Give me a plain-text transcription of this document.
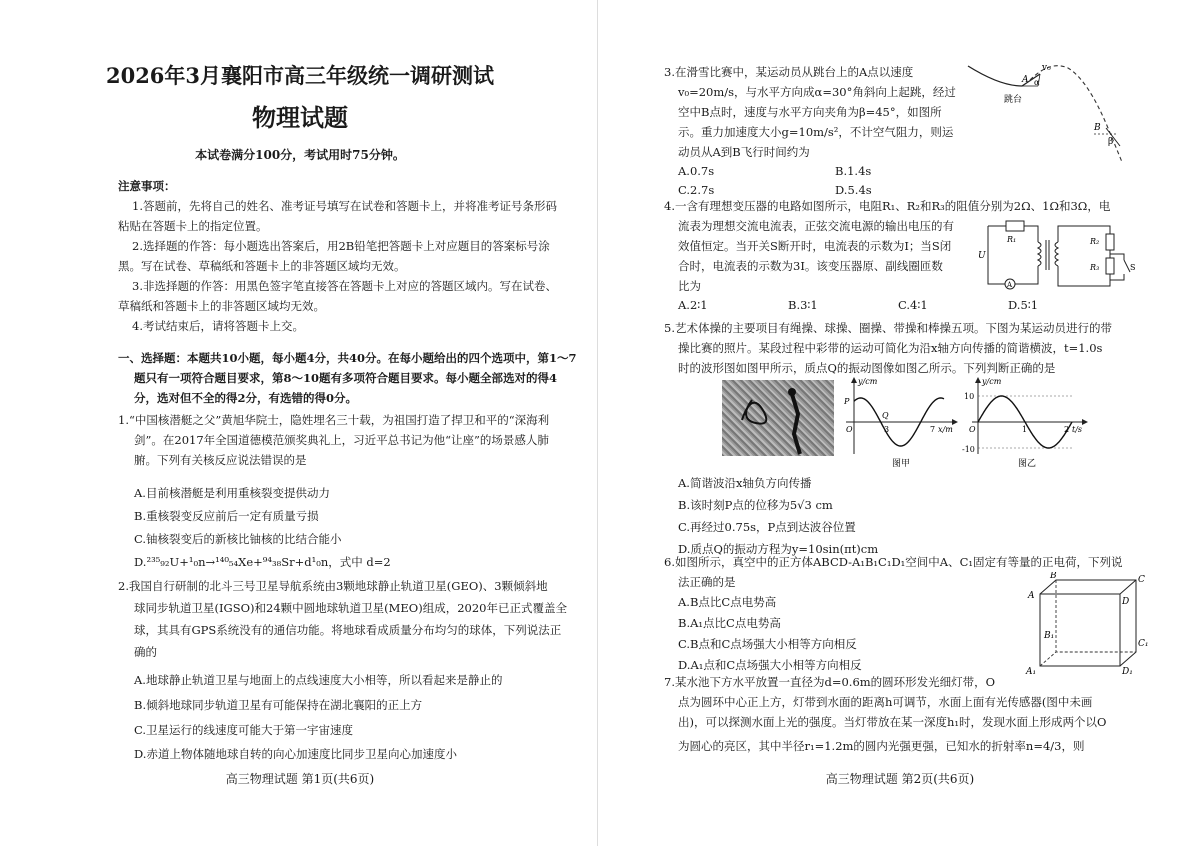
2026年3月襄阳市高三年级统一调研测试
物理试题
本试卷满分100分，考试用时75分钟。
注意事项：
1.答题前，先将自己的姓名、准考证号填写在试卷和答题卡上，并将准考证号条形码
粘贴在答题卡上的指定位置。
2.选择题的作答：每小题选出答案后，用2B铅笔把答题卡上对应题目的答案标号涂
黑。写在试卷、草稿纸和答题卡上的非答题区域均无效。
3.非选择题的作答：用黑色签字笔直接答在答题卡上对应的答题区域内。写在试卷、
草稿纸和答题卡上的非答题区域均无效。
4.考试结束后，请将答题卡上交。
一、选择题：本题共10小题，每小题4分，共40分。在每小题给出的四个选项中，第1～7
题只有一项符合题目要求，第8～10题有多项符合题目要求。每小题全部选对的得4
分，选对但不全的得2分，有选错的得0分。
1.“中国核潜艇之父”黄旭华院士，隐姓埋名三十载，为祖国打造了捍卫和平的“深海利
剑”。在2017年全国道德模范颁奖典礼上，习近平总书记为他“让座”的场景感人肺
腑。下列有关核反应说法错误的是
A.目前核潜艇是利用重核裂变提供动力
B.重核裂变反应前后一定有质量亏损
C.铀核裂变后的新核比铀核的比结合能小
D.²³⁵₉₂U+¹₀n→¹⁴⁰₅₄Xe+⁹⁴₃₈Sr+d¹₀n，式中 d=2
2.我国自行研制的北斗三号卫星导航系统由3颗地球静止轨道卫星(GEO)、3颗倾斜地
球同步轨道卫星(IGSO)和24颗中圆地球轨道卫星(MEO)组成，2020年已正式覆盖全
球，其具有GPS系统没有的通信功能。将地球看成质量分布均匀的球体，下列说法正
确的
A.地球静止轨道卫星与地面上的点线速度大小相等，所以看起来是静止的
B.倾斜地球同步轨道卫星有可能保持在湖北襄阳的正上方
C.卫星运行的线速度可能大于第一宇宙速度
D.赤道上物体随地球自转的向心加速度比同步卫星向心加速度小
高三物理试题 第1页(共6页)
3.在滑雪比赛中，某运动员从跳台上的A点以速度
v₀=20m/s，与水平方向成α=30°角斜向上起跳，经过
空中B点时，速度与水平方向夹角为β=45°，如图所
示。重力加速度大小g=10m/s²，不计空气阻力，则运
动员从A到B飞行时间约为
A.0.7s	B.1.4s
C.2.7s	D.5.4s
v₀
A α
跳台
B
β
4.一含有理想变压器的电路如图所示，电阻R₁、R₂和R₃的阻值分别为2Ω、1Ω和3Ω，电
流表为理想交流电流表，正弦交流电源的输出电压的有
效值恒定。当开关S断开时，电流表的示数为I；当S闭
合时，电流表的示数为3I。该变压器原、副线圈匝数
比为
A.2∶1	B.3∶1	C.4∶1	D.5∶1
R₁
A
U
R₂
R₃	S
5.艺术体操的主要项目有绳操、球操、圈操、带操和棒操五项。下图为某运动员进行的带
操比赛的照片。某段过程中彩带的运动可简化为沿x轴方向传播的简谐横波，t=1.0s
时的波形图如图甲所示，质点Q的振动图像如图乙所示。下列判断正确的是
y/cm
P
Q
O	3	7 x/m
图甲
y/cm
10
-10
O	1	2 t/s
图乙
A.简谐波沿x轴负方向传播
B.该时刻P点的位移为5√3 cm
C.再经过0.75s，P点到达波谷位置
D.质点Q的振动方程为y=10sin(πt)cm
6.如图所示，真空中的正方体ABCD-A₁B₁C₁D₁空间中A、C₁固定有等量的正电荷，下列说
法正确的是
A.B点比C点电势高
B.A₁点比C点电势高
C.B点和C点场强大小相等方向相反
D.A₁点和C点场强大小相等方向相反
A
B	C
D
A₁
B₁
C₁
D₁
7.某水池下方水平放置一直径为d=0.6m的圆环形发光细灯带，O
点为圆环中心正上方，灯带到水面的距离h可调节，水面上面有光传感器(图中未画
出)，可以探测水面上光的强度。当灯带放在某一深度h₁时，发现水面上形成两个以O
为圆心的亮区，其中半径r₁=1.2m的圆内光强更强，已知水的折射率n=4/3，则
高三物理试题 第2页(共6页)
